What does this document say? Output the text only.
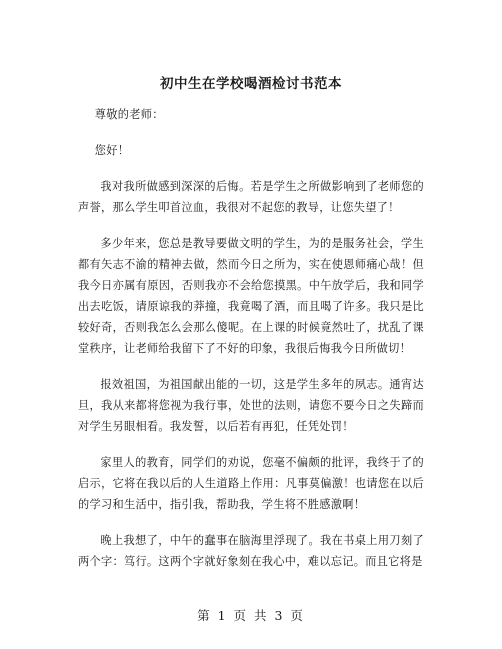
初中生在学校喝酒检讨书范本

尊敬的老师：

您好！

我对我所做感到深深的后悔。若是学生之所做影响到了老师您的声誉，那么学生叩首泣血，我很对不起您的教导，让您失望了！

多少年来，您总是教导要做文明的学生，为的是服务社会，学生都有矢志不渝的精神去做，然而今日之所为，实在使恩师痛心哉！但我今日亦属有原因，否则我亦不会给您摸黑。中午放学后，我和同学出去吃饭，请原谅我的莽撞，我竟喝了酒，而且喝了许多。我只是比较好奇，否则我怎么会那么傻呢。在上课的时候竟然吐了，扰乱了课堂秩序，让老师给我留下了不好的印象，我很后悔我今日所做切！

报效祖国，为祖国献出能的一切，这是学生多年的夙志。通宵达旦，我从来都将您视为我行事，处世的法则，请您不要今日之失蹄而对学生另眼相看。我发誓，以后若有再犯，任凭处罚！

家里人的教育，同学们的劝说，您毫不偏颇的批评，我终于了的启示，它将在我以后的人生道路上作用：凡事莫偏激！也请您在以后的学习和生活中，指引我，帮助我，学生将不胜感激啊！

晚上我想了，中午的蠢事在脑海里浮现了。我在书桌上用刀刻了两个字：笃行。这两个字就好象刻在我心中，难以忘记。而且它将是

第 1 页 共 3 页
